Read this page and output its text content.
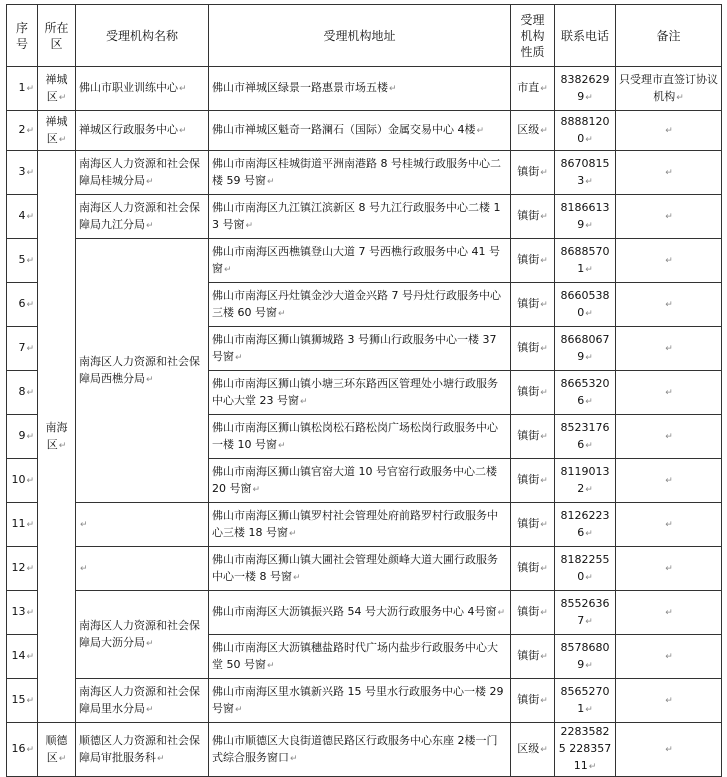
序号	所在区	受理机构名称	受理机构地址	受理机构性质	联系电话	备注
1↵	禅城区↵	佛山市职业训练中心↵	佛山市禅城区绿景一路惠景市场五楼↵	市直↵	83826299↵	只受理市直签订协议机构↵
2↵	禅城区↵	禅城区行政服务中心↵	佛山市禅城区魁奇一路澜石（国际）金属交易中心 4楼↵	区级↵	88881200↵	↵
3↵	南海区↵	南海区人力资源和社会保障局桂城分局↵	佛山市南海区桂城街道平洲南港路 8 号桂城行政服务中心二楼 59 号窗↵	镇街↵	86708153↵	↵
4↵		南海区人力资源和社会保障局九江分局↵	佛山市南海区九江镇江滨新区 8 号九江行政服务中心二楼 13 号窗↵	镇街↵	81866139↵	↵
5↵		南海区人力资源和社会保障局西樵分局↵	佛山市南海区西樵镇登山大道 7 号西樵行政服务中心 41 号窗↵	镇街↵	86885701↵	↵
6↵			佛山市南海区丹灶镇金沙大道金兴路 7 号丹灶行政服务中心三楼 60 号窗↵	镇街↵	86605380↵	↵
7↵			佛山市南海区狮山镇狮城路 3 号狮山行政服务中心一楼 37 号窗↵	镇街↵	86680679↵	↵
8↵			佛山市南海区狮山镇小塘三环东路西区管理处小塘行政服务中心大堂 23 号窗↵	镇街↵	86653206↵	↵
9↵			佛山市南海区狮山镇松岗松石路松岗广场松岗行政服务中心一楼 10 号窗↵	镇街↵	85231766↵	↵
10↵			佛山市南海区狮山镇官窑大道 10 号官窑行政服务中心二楼 20 号窗↵	镇街↵	81190132↵	↵
11↵		↵	佛山市南海区狮山镇罗村社会管理处府前路罗村行政服务中心三楼 18 号窗↵	镇街↵	81262236↵	↵
12↵		↵	佛山市南海区狮山镇大圃社会管理处颜峰大道大圃行政服务中心一楼 8 号窗↵	镇街↵	81822550↵	↵
13↵		南海区人力资源和社会保障局大沥分局↵	佛山市南海区大沥镇振兴路 54 号大沥行政服务中心 4号窗↵	镇街↵	85526367↵	↵
14↵			佛山市南海区大沥镇穗盐路时代广场内盐步行政服务中心大堂 50 号窗↵	镇街↵	85786809↵	↵
15↵		南海区人力资源和社会保障局里水分局↵	佛山市南海区里水镇新兴路 15 号里水行政服务中心一楼 29 号窗↵	镇街↵	85652701↵	↵
16↵	顺德区↵	顺德区人力资源和社会保障局审批服务科↵	佛山市顺德区大良街道德民路区行政服务中心东座 2楼一门式综合服务窗口↵	区级↵	22835825 22835711↵	↵
